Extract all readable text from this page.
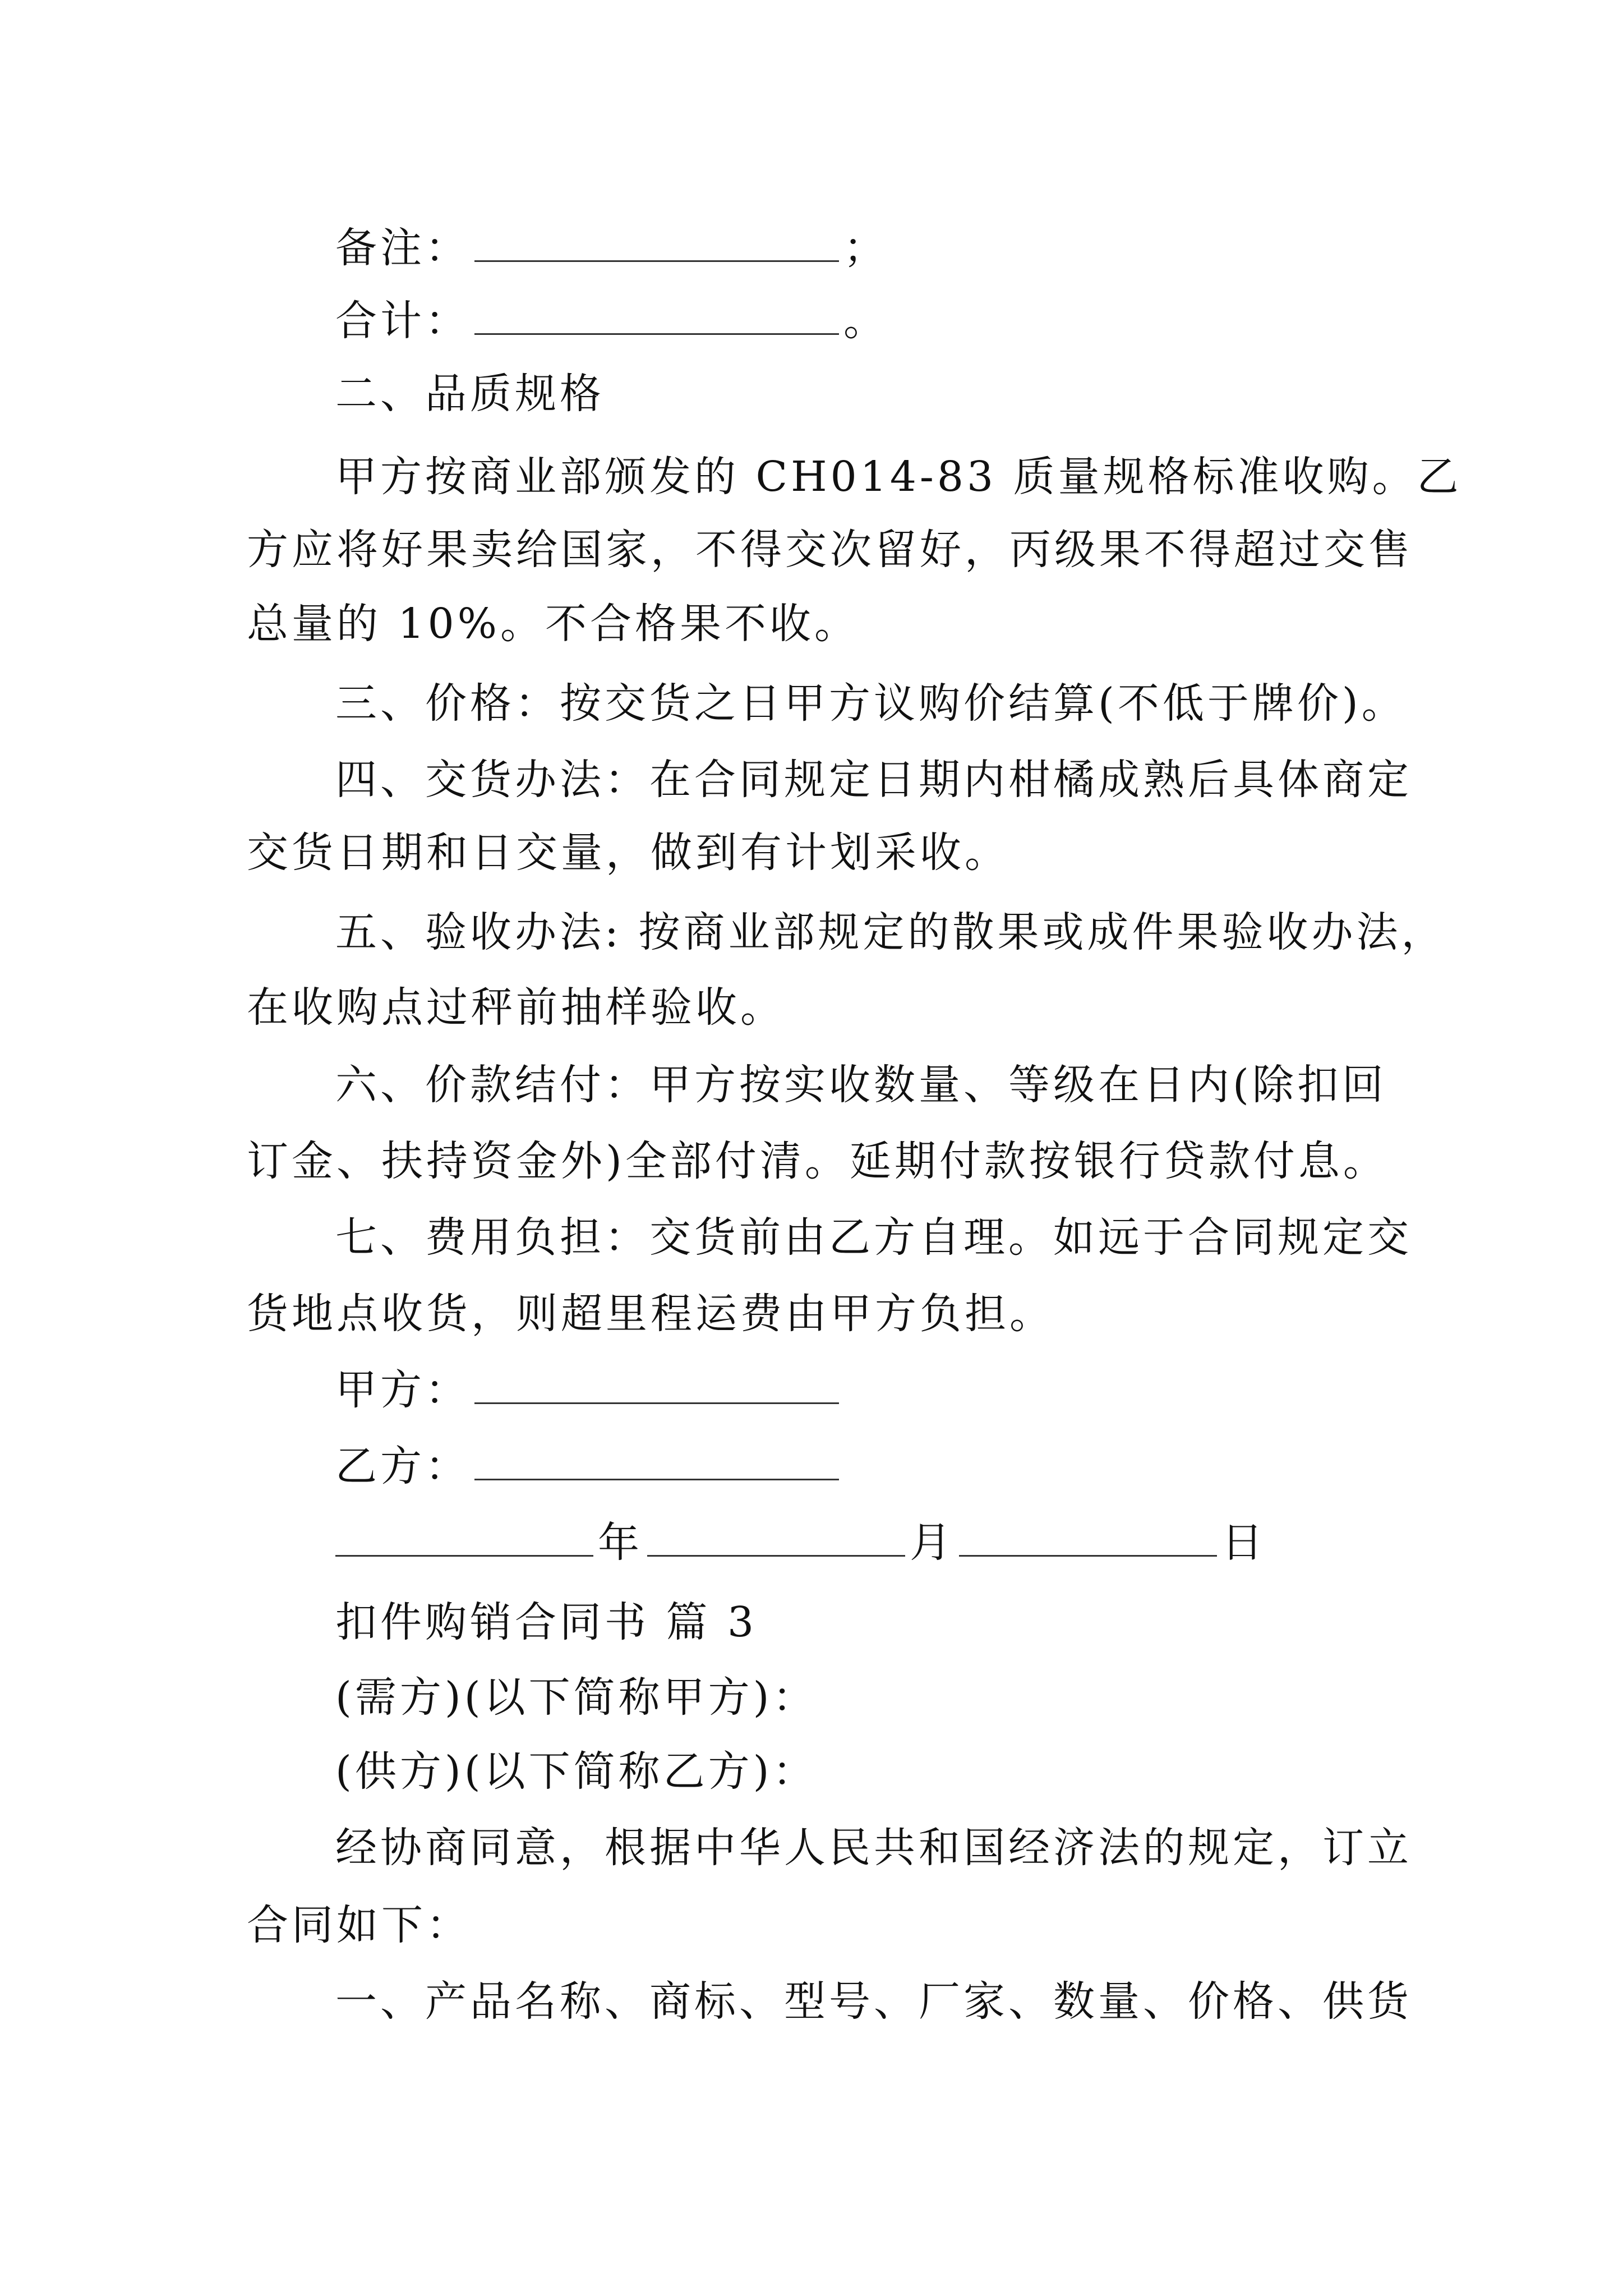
备注：	；
合计：	。
二、品质规格
甲方按商业部颁发的 CH014-83 质量规格标准收购。乙
方应将好果卖给国家，不得交次留好，丙级果不得超过交售
总量的 10%。不合格果不收。
三、价格：按交货之日甲方议购价结算(不低于牌价)。
四、交货办法：在合同规定日期内柑橘成熟后具体商定
交货日期和日交量，做到有计划采收。
五、验收办法: 按商业部规定的散果或成件果验收办法，
在收购点过秤前抽样验收。
六、价款结付：甲方按实收数量、等级在日内(除扣回
订金、扶持资金外)全部付清。延期付款按银行贷款付息。
七、费用负担：交货前由乙方自理。如远于合同规定交
货地点收货，则超里程运费由甲方负担。
甲方：
乙方：
年	月	日
扣件购销合同书 篇 3
(需方)(以下简称甲方)：
(供方)(以下简称乙方)：
经协商同意，根据中华人民共和国经济法的规定，订立
合同如下：
一、产品名称、商标、型号、厂家、数量、价格、供货
